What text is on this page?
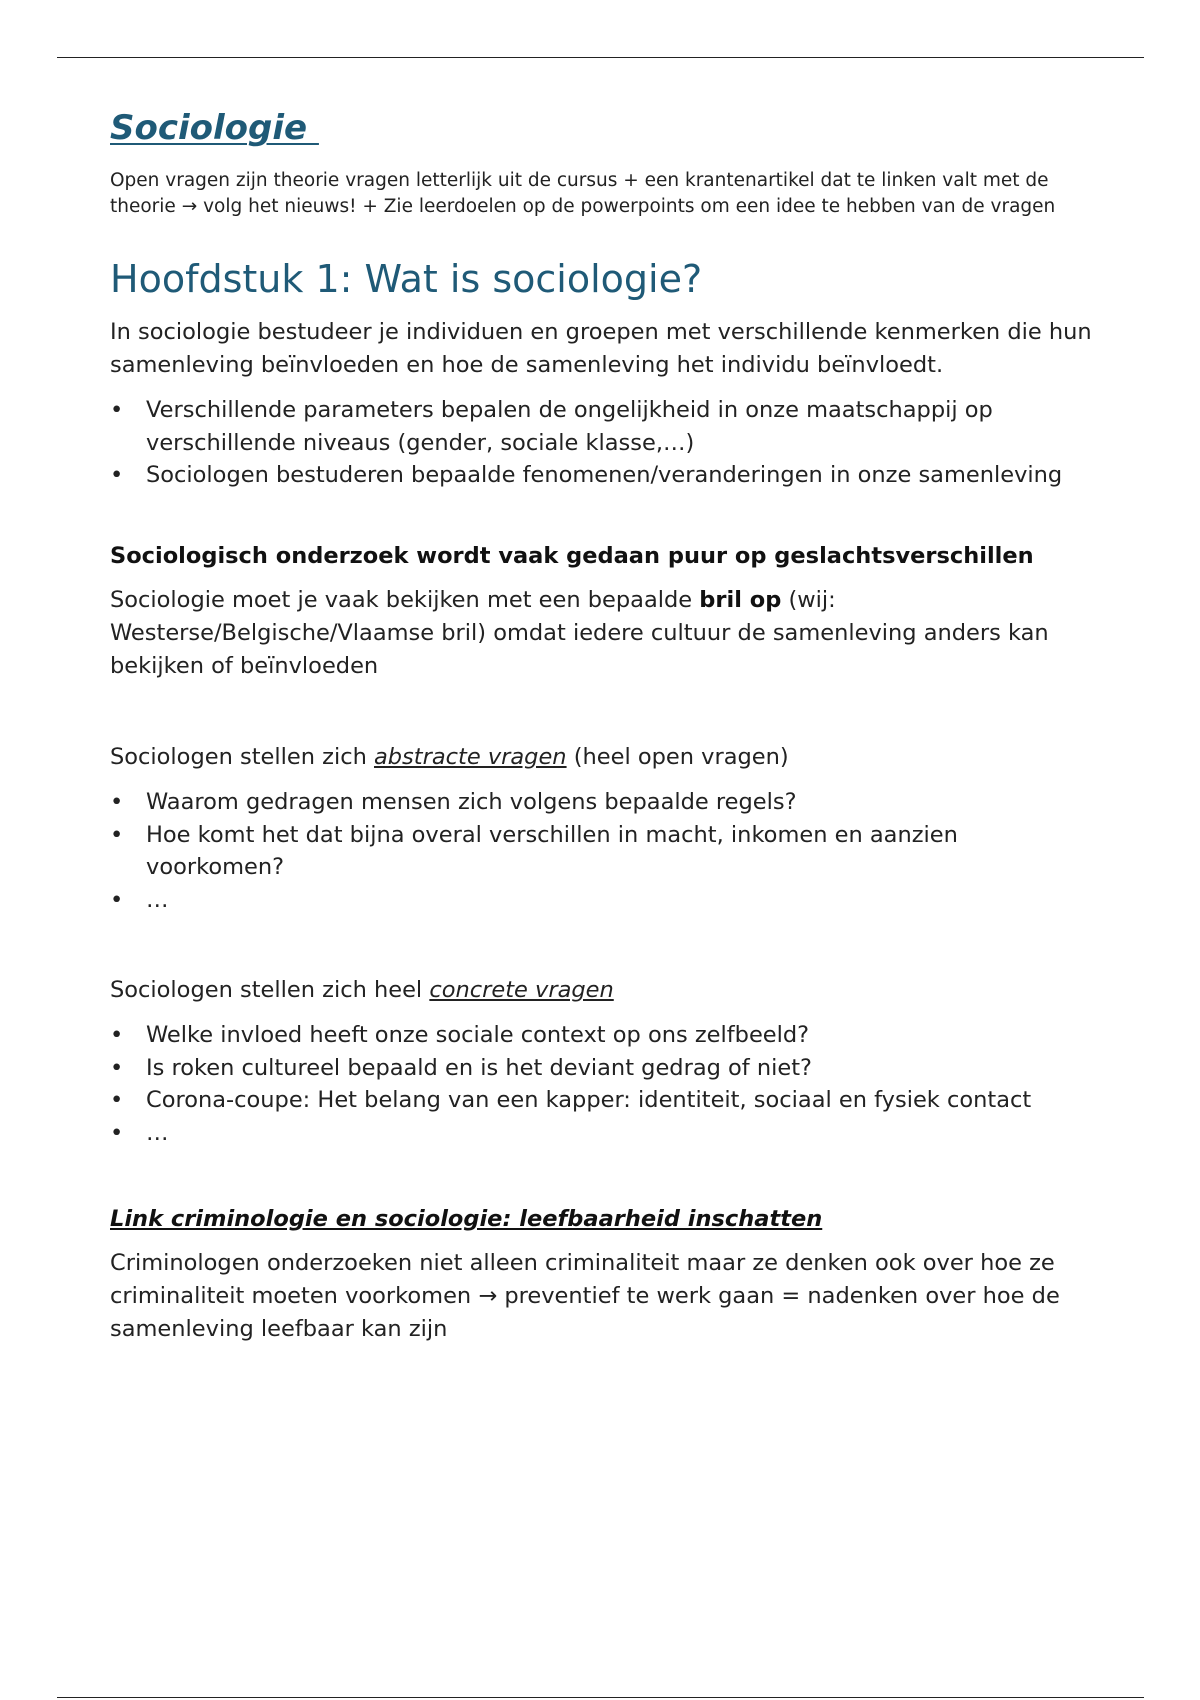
Sociologie

Open vragen zijn theorie vragen letterlijk uit de cursus + een krantenartikel dat te linken valt met de theorie → volg het nieuws! + Zie leerdoelen op de powerpoints om een idee te hebben van de vragen

Hoofdstuk 1: Wat is sociologie?

In sociologie bestudeer je individuen en groepen met verschillende kenmerken die hun samenleving beïnvloeden en hoe de samenleving het individu beïnvloedt.

• Verschillende parameters bepalen de ongelijkheid in onze maatschappij op verschillende niveaus (gender, sociale klasse,…)
• Sociologen bestuderen bepaalde fenomenen/veranderingen in onze samenleving
Sociologisch onderzoek wordt vaak gedaan puur op geslachtsverschillen

Sociologie moet je vaak bekijken met een bepaalde bril op (wij: Westerse/Belgische/Vlaamse bril) omdat iedere cultuur de samenleving anders kan bekijken of beïnvloeden

Sociologen stellen zich abstracte vragen (heel open vragen)

• Waarom gedragen mensen zich volgens bepaalde regels?
• Hoe komt het dat bijna overal verschillen in macht, inkomen en aanzien voorkomen?
• …

Sociologen stellen zich heel concrete vragen

• Welke invloed heeft onze sociale context op ons zelfbeeld?
• Is roken cultureel bepaald en is het deviant gedrag of niet?
• Corona-coupe: Het belang van een kapper: identiteit, sociaal en fysiek contact
• …
Link criminologie en sociologie: leefbaarheid inschatten

Criminologen onderzoeken niet alleen criminaliteit maar ze denken ook over hoe ze criminaliteit moeten voorkomen → preventief te werk gaan = nadenken over hoe de samenleving leefbaar kan zijn
